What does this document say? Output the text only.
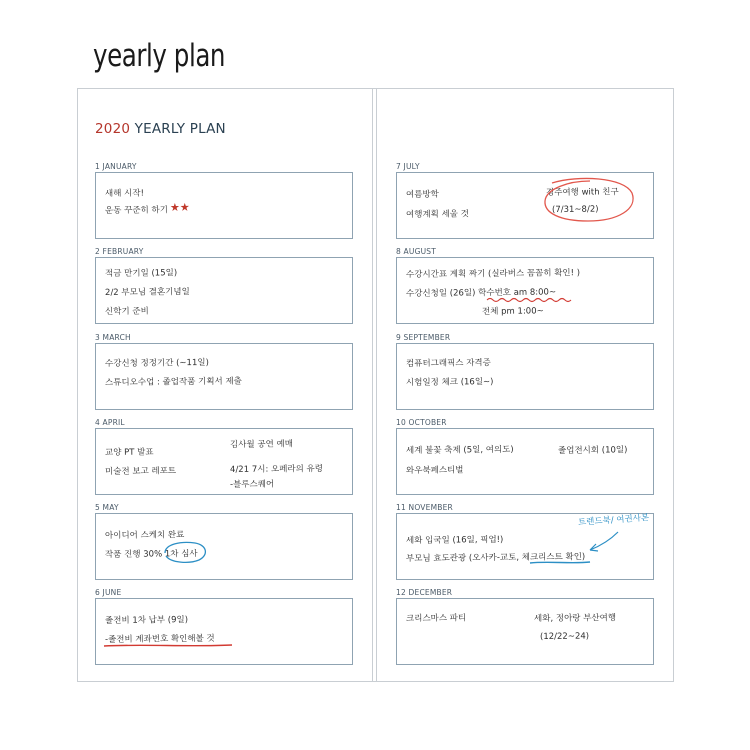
yearly plan
2020 YEARLY PLAN
1 JANUARY
새해 시작!
운동 꾸준히 하기 ★★
2 FEBRUARY
적금 만기일 (15일)
2/2 부모님 결혼기념일
신학기 준비
3 MARCH
수강신청 정정기간 (~11일)
스튜디오수업 : 졸업작품 기획서 제출
4 APRIL
교양 PT 발표
미술전 보고 레포트
김사월 공연 예매
4/21 7시: 오페라의 유령
-블루스퀘어
5 MAY
아이디어 스케치 완료
작품 진행 30% 1차 심사
6 JUNE
졸전비 1차 납부 (9일)
-졸전비 계좌번호 확인해볼 것
7 JULY
여름방학
여행계획 세울 것
경주여행 with 친구
(7/31~8/2)
8 AUGUST
수강시간표 계획 짜기 (실라버스 꼼꼼히 확인! )
수강신청일 (26일) 학수번호 am 8:00~
전체 pm 1:00~
9 SEPTEMBER
컴퓨터그래픽스 자격증
시험일정 체크 (16일~)
10 OCTOBER
세계 불꽃 축제 (5일, 여의도)	졸업전시회 (10일)
와우북페스티벌
11 NOVEMBER
트렌드북/ 여권사본
세화 입국일 (16일, 픽업!)
부모님 효도관광 (오사카-교토, 체크리스트 확인)
12 DECEMBER
크리스마스 파티	세화, 정아랑 부산여행
(12/22~24)
